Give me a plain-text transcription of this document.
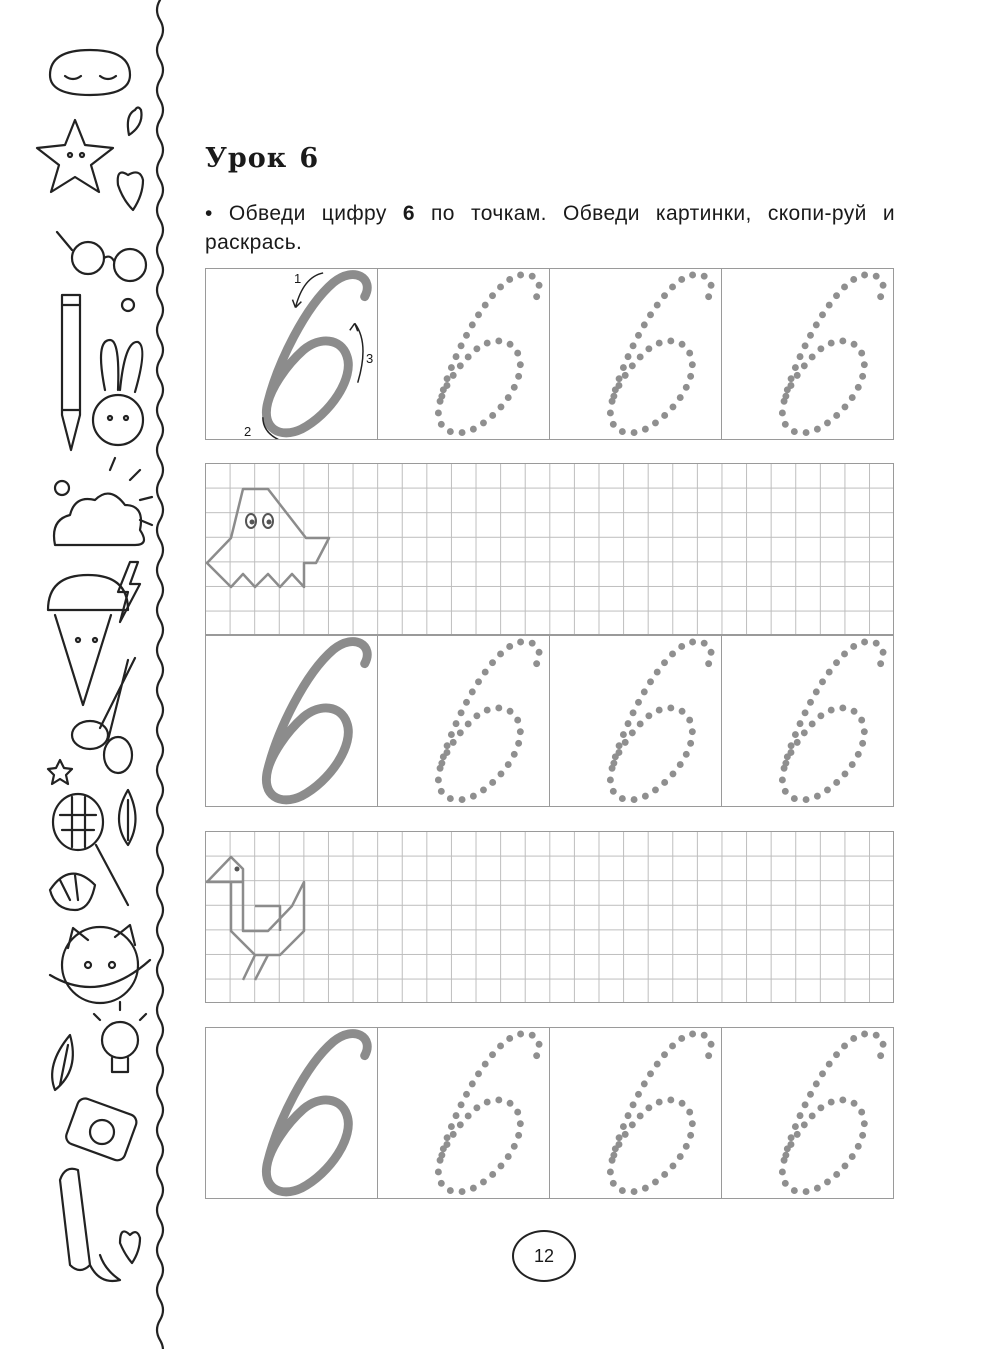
Урок 6
• Обведи цифру 6 по точкам. Обведи картинки, скопи-руй и раскрась.
1
2
3
12
